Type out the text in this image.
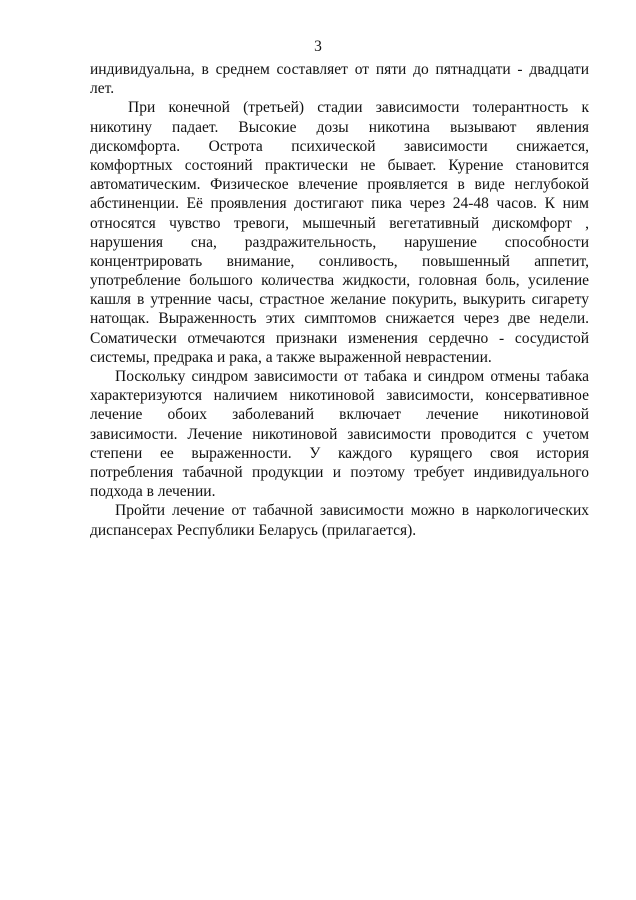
3
индивидуальна, в среднем составляет от пяти до пятнадцати - двадцати
лет.
При конечной (третьей) стадии зависимости толерантность к
никотину падает. Высокие дозы никотина вызывают явления
дискомфорта. Острота психической зависимости снижается,
комфортных состояний практически не бывает. Курение становится
автоматическим. Физическое влечение проявляется в виде неглубокой
абстиненции. Её проявления достигают пика через 24-48 часов. К ним
относятся чувство тревоги, мышечный вегетативный дискомфорт ,
нарушения сна, раздражительность, нарушение способности
концентрировать внимание, сонливость, повышенный аппетит,
употребление большого количества жидкости, головная боль, усиление
кашля в утренние часы, страстное желание покурить, выкурить сигарету
натощак. Выраженность этих симптомов снижается через две недели.
Соматически отмечаются признаки изменения сердечно - сосудистой
системы, предрака и рака, а также выраженной неврастении.
Поскольку синдром зависимости от табака и синдром отмены табака
характеризуются наличием никотиновой зависимости, консервативное
лечение обоих заболеваний включает лечение никотиновой
зависимости. Лечение никотиновой зависимости проводится с учетом
степени ее выраженности. У каждого курящего своя история
потребления табачной продукции и поэтому требует индивидуального
подхода в лечении.
Пройти лечение от табачной зависимости можно в наркологических
диспансерах Республики Беларусь (прилагается).
